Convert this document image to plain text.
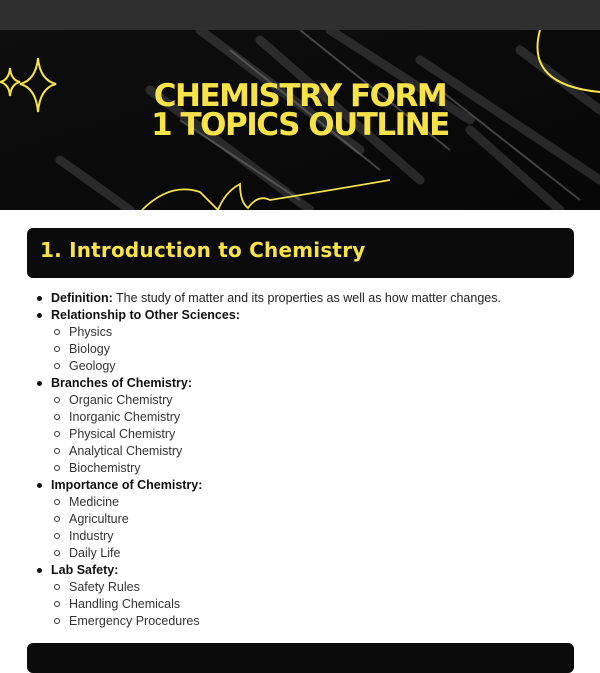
CHEMISTRY FORM
1 TOPICS OUTLINE
1. Introduction to Chemistry
Definition: The study of matter and its properties as well as how matter changes.
Relationship to Other Sciences:
Physics
Biology
Geology
Branches of Chemistry:
Organic Chemistry
Inorganic Chemistry
Physical Chemistry
Analytical Chemistry
Biochemistry
Importance of Chemistry:
Medicine
Agriculture
Industry
Daily Life
Lab Safety:
Safety Rules
Handling Chemicals
Emergency Procedures
